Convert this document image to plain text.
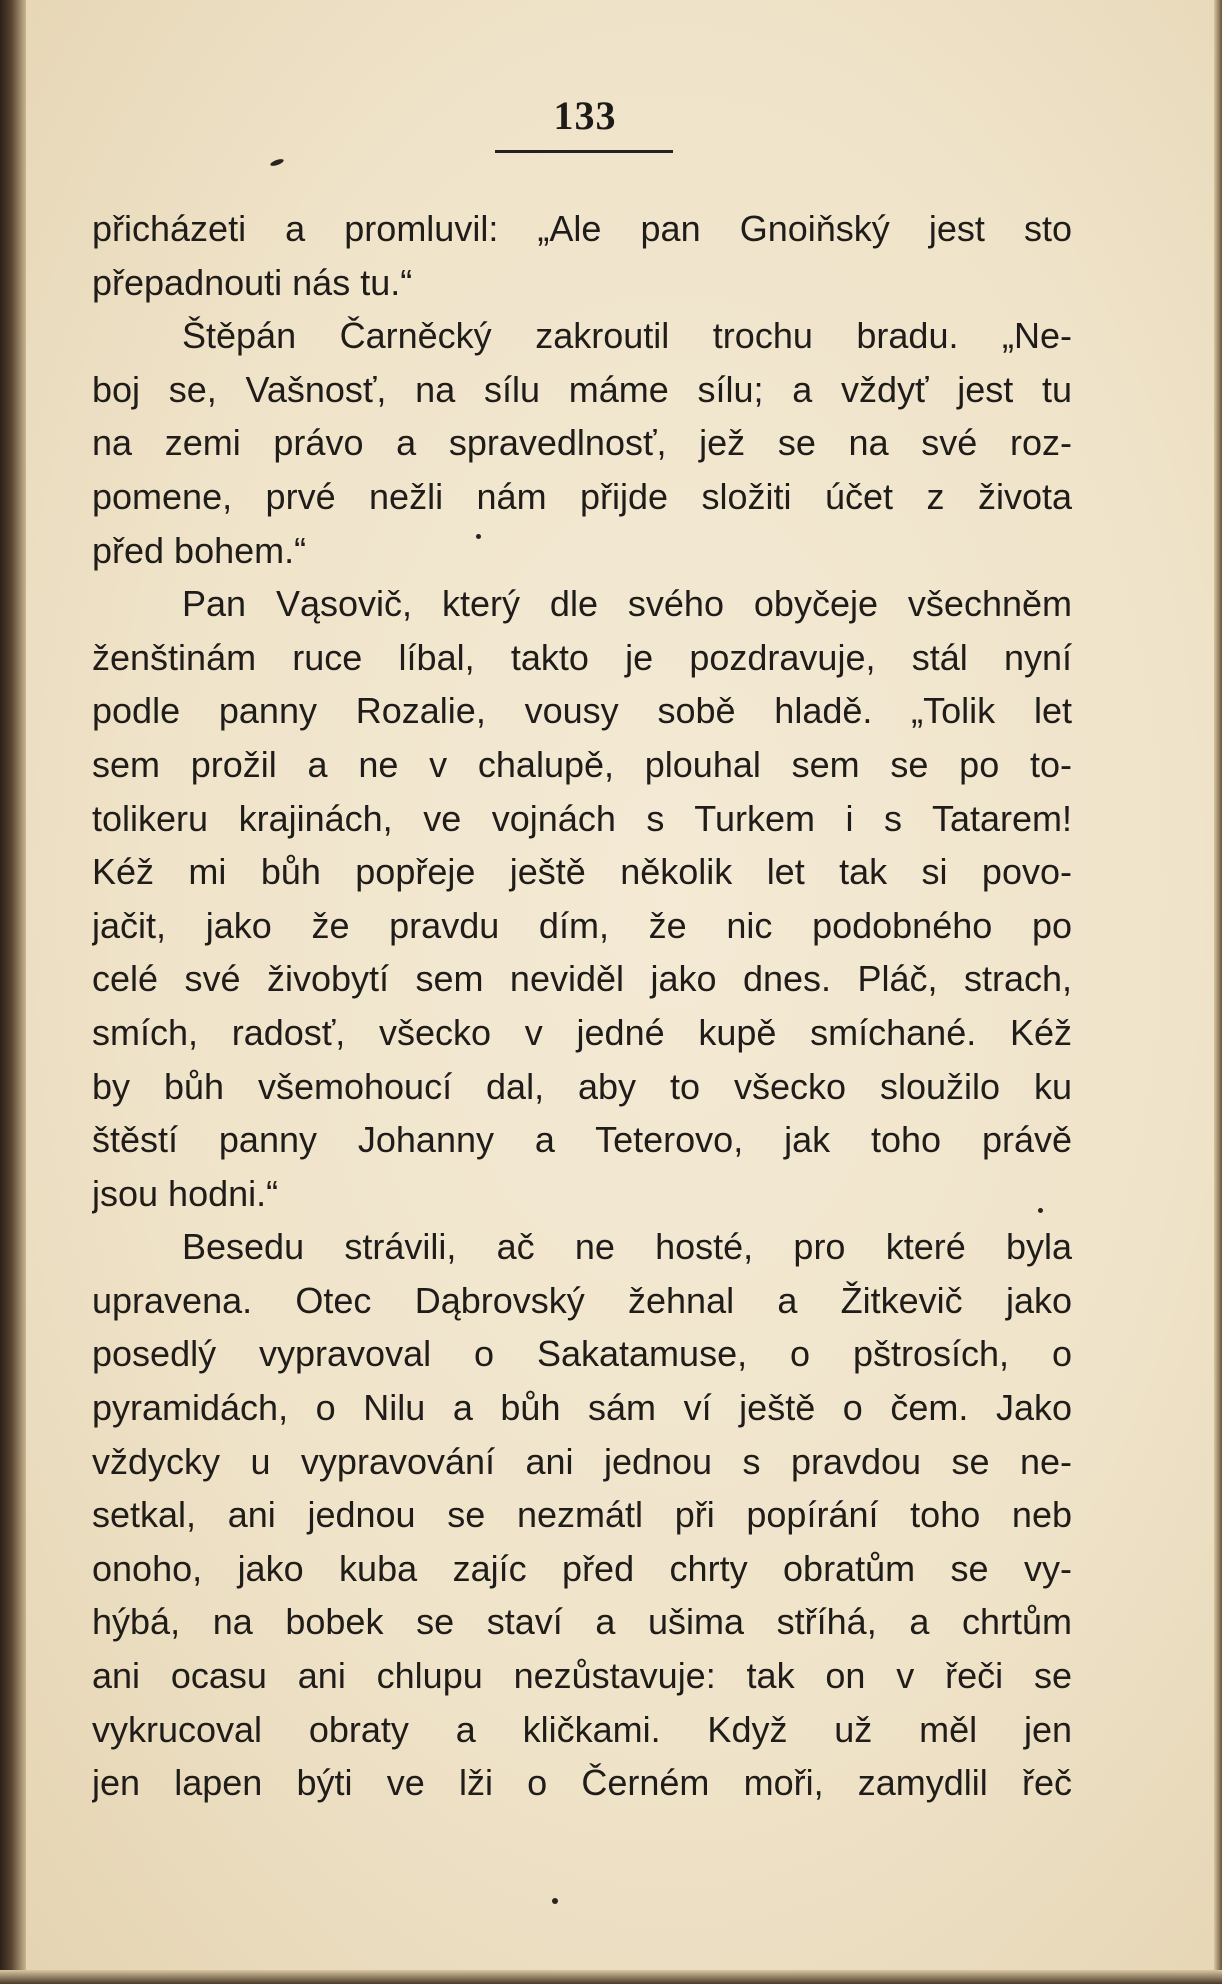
133
přicházeti a promluvil: „Ale pan Gnoiňský jest sto
přepadnouti nás tu.“
Štěpán Čarněcký zakroutil trochu bradu. „Ne-
boj se, Vašnosť, na sílu máme sílu; a vždyť jest tu
na zemi právo a spravedlnosť, jež se na své roz-
pomene, prvé nežli nám přijde složiti účet z života
před bohem.“
Pan Vąsovič, který dle svého obyčeje všechněm
ženštinám ruce líbal, takto je pozdravuje, stál nyní
podle panny Rozalie, vousy sobě hladě. „Tolik let
sem prožil a ne v chalupě, plouhal sem se po to-
tolikeru krajinách, ve vojnách s Turkem i s Tatarem!
Kéž mi bůh popřeje ještě několik let tak si povo-
jačit, jako že pravdu dím, že nic podobného po
celé své živobytí sem neviděl jako dnes. Pláč, strach,
smích, radosť, všecko v jedné kupě smíchané. Kéž
by bůh všemohoucí dal, aby to všecko sloužilo ku
štěstí panny Johanny a Teterovo, jak toho právě
jsou hodni.“
Besedu strávili, ač ne hosté, pro které byla
upravena. Otec Dąbrovský žehnal a Žitkevič jako
posedlý vypravoval o Sakatamuse, o pštrosích, o
pyramidách, o Nilu a bůh sám ví ještě o čem. Jako
vždycky u vypravování ani jednou s pravdou se ne-
setkal, ani jednou se nezmátl při popírání toho neb
onoho, jako kuba zajíc před chrty obratům se vy-
hýbá, na bobek se staví a ušima stříhá, a chrtům
ani ocasu ani chlupu nezůstavuje: tak on v řeči se
vykrucoval obraty a kličkami. Když už měl jen
jen lapen býti ve lži o Černém moři, zamydlil řeč
